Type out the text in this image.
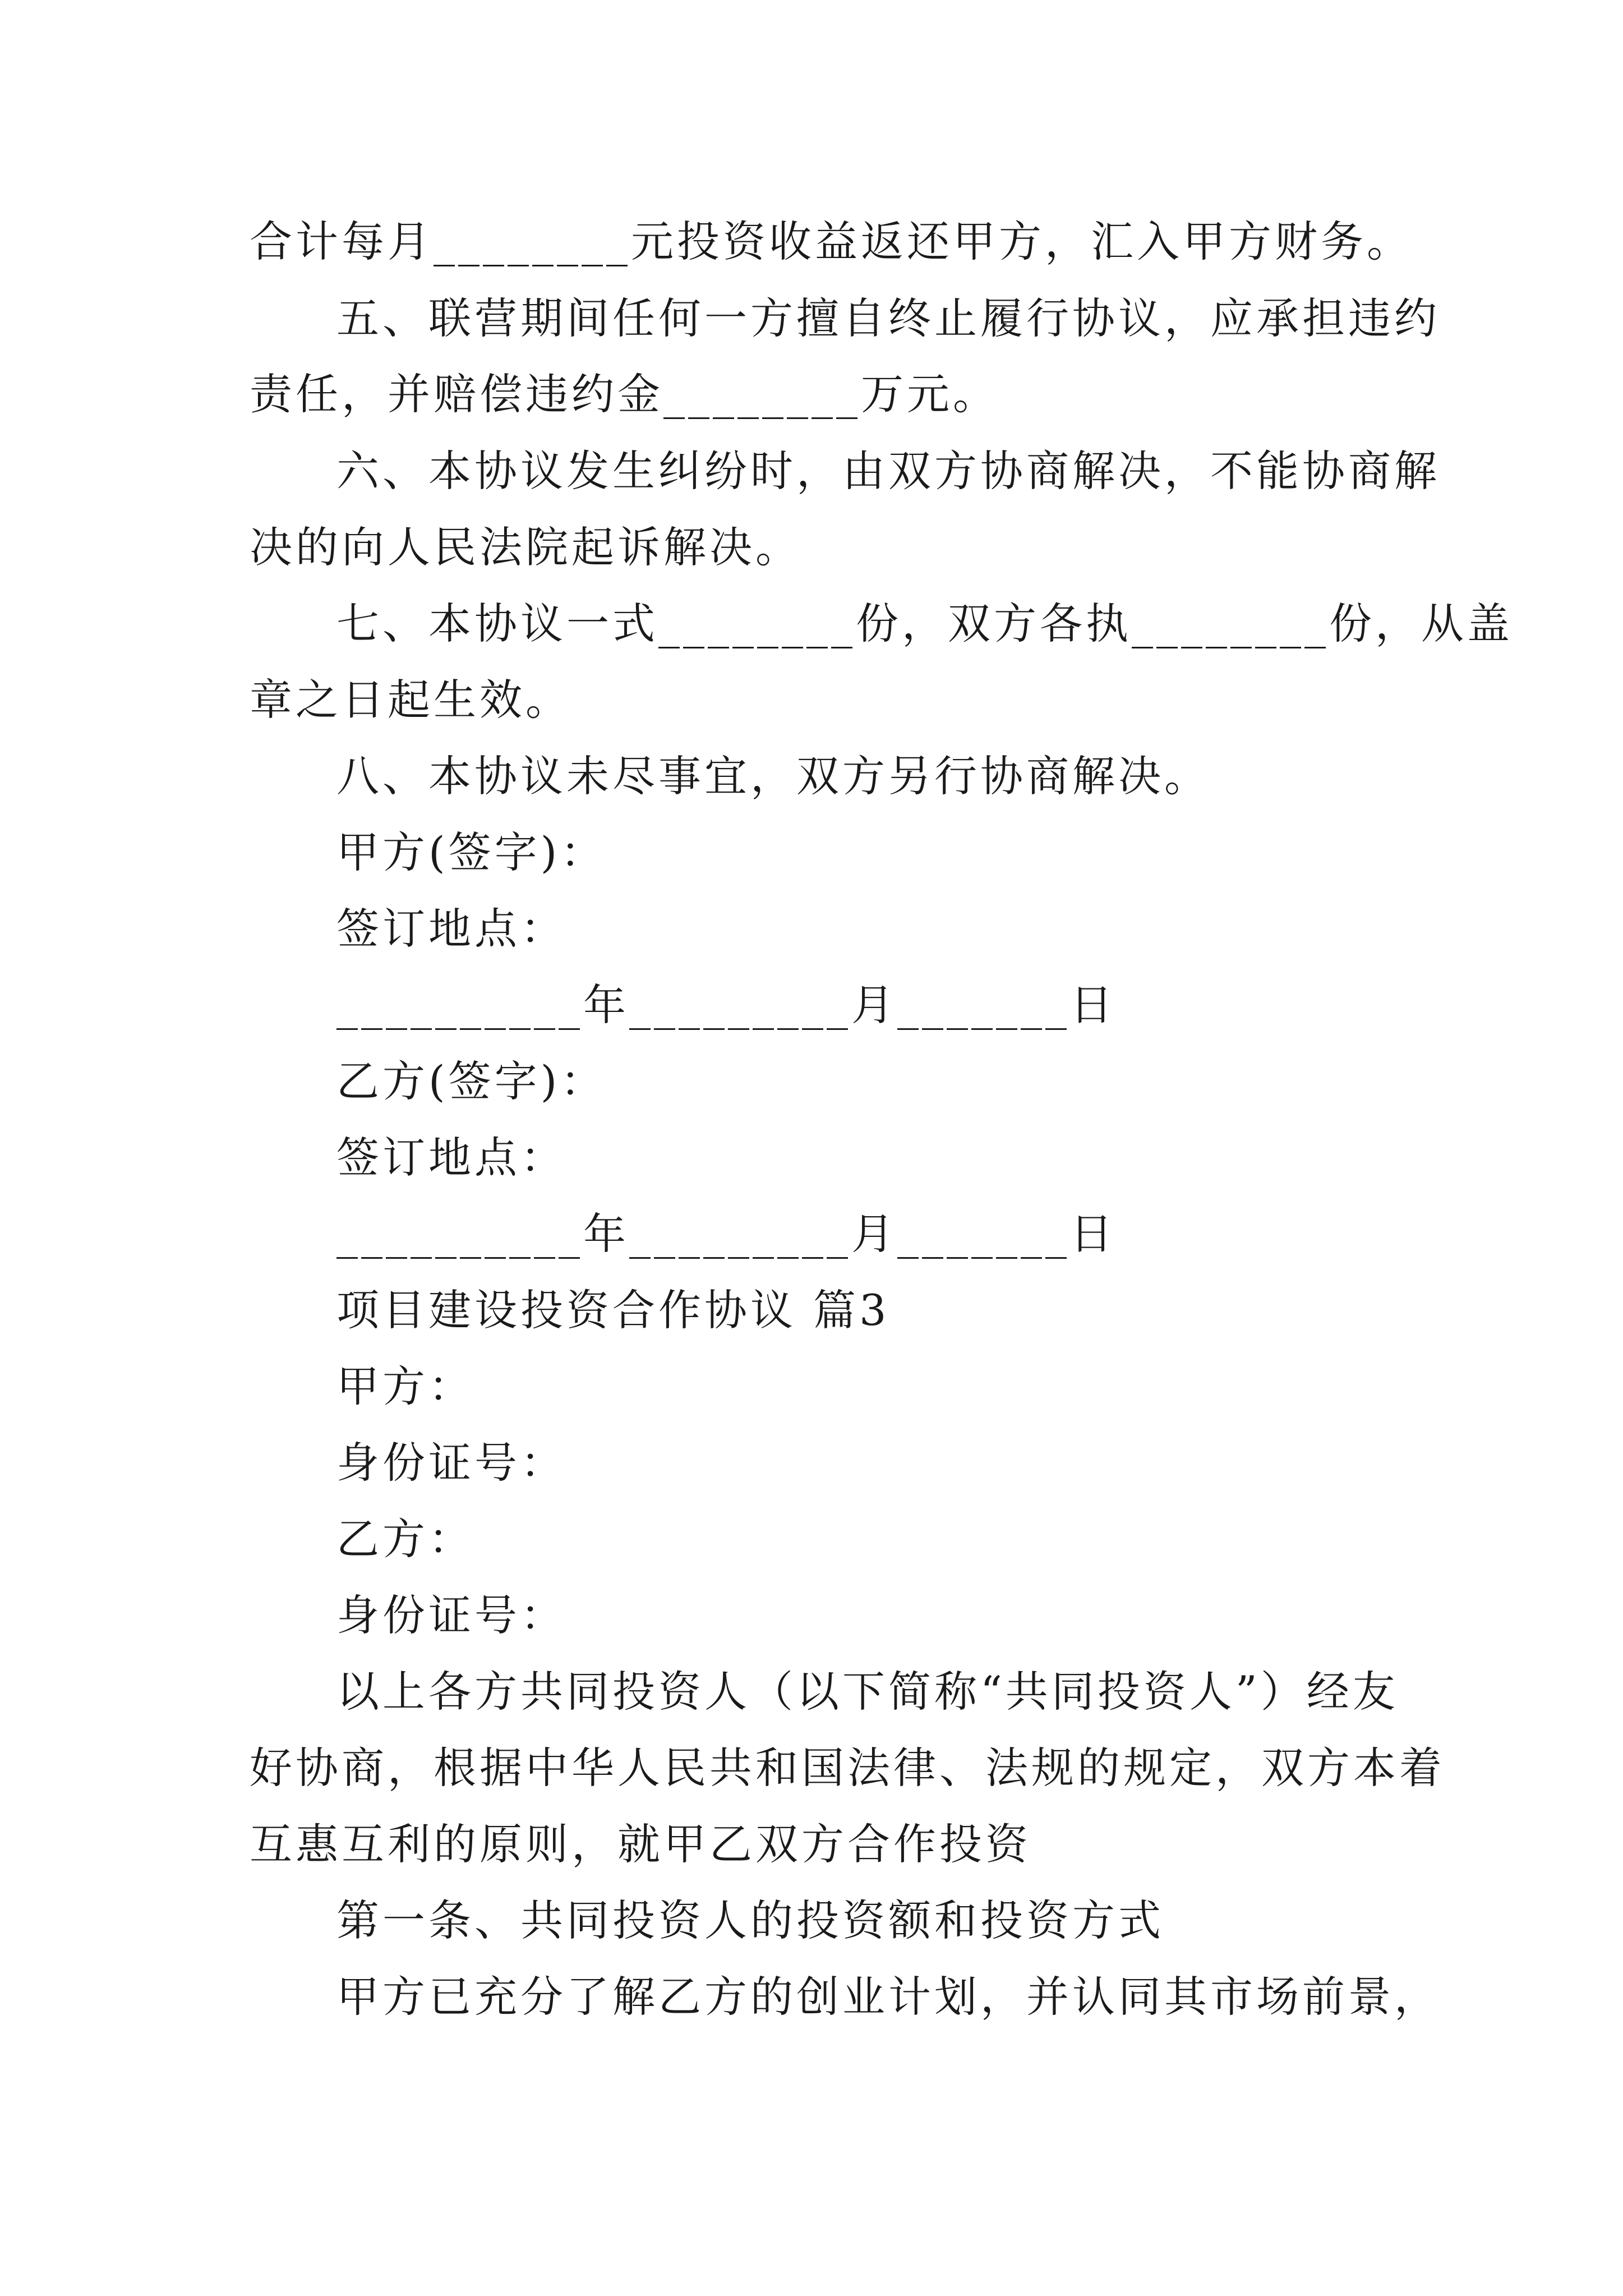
合计每月________元投资收益返还甲方，汇入甲方财务。
五、联营期间任何一方擅自终止履行协议，应承担违约
责任，并赔偿违约金________万元。
六、本协议发生纠纷时，由双方协商解决，不能协商解
决的向人民法院起诉解决。
七、本协议一式________份，双方各执________份，从盖
章之日起生效。
八、本协议未尽事宜，双方另行协商解决。
甲方(签字)：
签订地点：
__________年_________月_______日
乙方(签字)：
签订地点：
__________年_________月_______日
项目建设投资合作协议 篇3
甲方：
身份证号：
乙方：
身份证号：
以上各方共同投资人（以下简称“共同投资人”）经友
好协商，根据中华人民共和国法律、法规的规定，双方本着
互惠互利的原则，就甲乙双方合作投资
第一条、共同投资人的投资额和投资方式
甲方已充分了解乙方的创业计划，并认同其市场前景，
